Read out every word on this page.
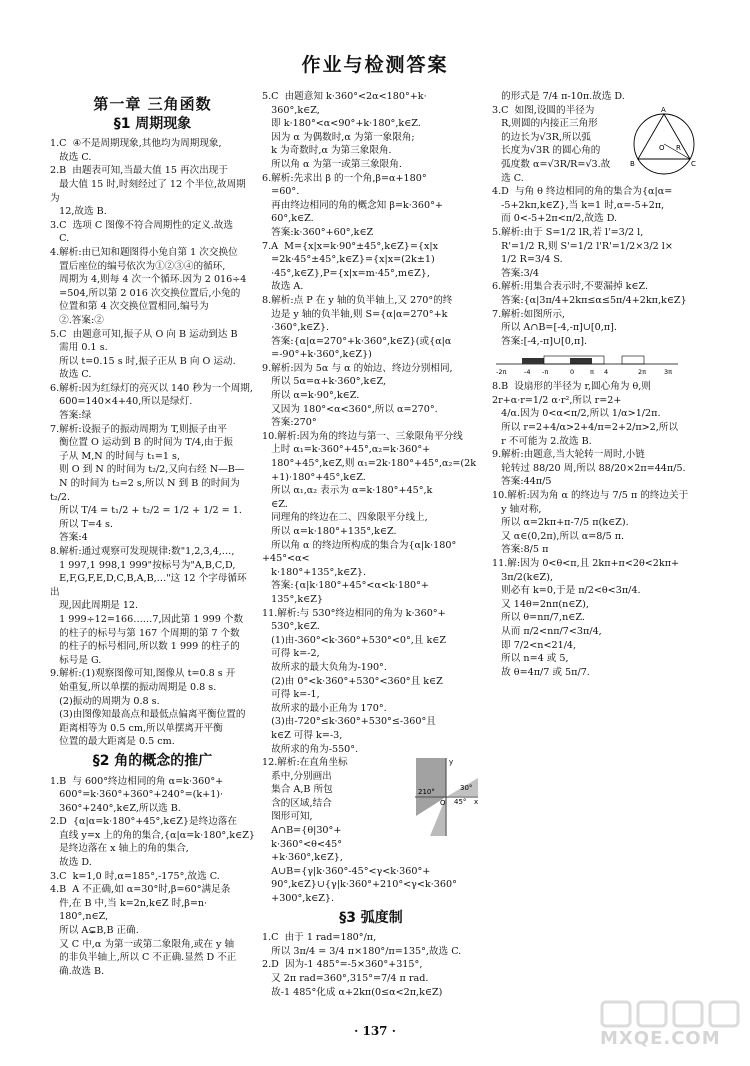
作业与检测答案
第一章 三角函数
§1 周期现象

1.C  ④不是周期现象,其他均为周期现象,
故选 C.

2.B  由题表可知,当最大值 15 再次出现于
最大值 15 时,时刻经过了 12 个半位,故周期为
12,故选 B.

3.C  选项 C 图像不符合周期性的定义.故选
C.

4.解析:由已知和题图得小兔自第 1 次交换位
置后座位的编号依次为①②③④的循环,
周期为 4,则每 4 次一个循环.因为 2 016÷4
=504,所以第 2 016 次交换位置后,小兔的
位置和第 4 次交换位置相同,编号为
②.答案:②

5.C  由题意可知,振子从 O 向 B 运动到达 B
需用 0.1 s.
所以 t=0.15 s 时,振子正从 B 向 O 运动.
故选 C.

6.解析:因为红绿灯的亮灭以 140 秒为一个周期,
600=140×4+40,所以是绿灯.
答案:绿

7.解析:设振子的振动周期为 T,则振子由平
衡位置 O 运动到 B 的时间为 T/4,由于振
子从 M,N 的时间与 t₁=1 s,
则 O 到 N 的时间为 t₂/2,又向右经 N—B—
N 的时间为 t₂=2 s,所以 N 到 B 的时间为 t₂/2.
所以 T/4 = t₁/2 + t₂/2 = 1/2 + 1/2 = 1.
所以 T=4 s.
答案:4

8.解析:通过观察可发现规律:数"1,2,3,4,…,
1 997,1 998,1 999"按标号为"A,B,C,D,
E,F,G,F,E,D,C,B,A,B,…"这 12 个字母循环出
现,因此周期是 12.
1 999÷12=166……7,因此第 1 999 个数
的柱子的标号与第 167 个周期的第 7 个数
的柱子的标号相同,所以数 1 999 的柱子的
标号是 G.

9.解析:(1)观察图像可知,图像从 t=0.8 s 开
始重复,所以单摆的振动周期是 0.8 s.
(2)振动的周期为 0.8 s.
(3)由图像知最高点和最低点偏离平衡位置的
距离相等为 0.5 cm,所以单摆离开平衡
位置的最大距离是 0.5 cm.

§2 角的概念的推广

1.B  与 600°终边相同的角 α=k·360°+
600°=k·360°+360°+240°=(k+1)·
360°+240°,k∈Z,所以选 B.

2.D  {α|α=k·180°+45°,k∈Z}是终边落在
直线 y=x 上的角的集合,{α|α=k·180°,k∈Z}
是终边落在 x 轴上的角的集合,
故选 D.

3.C  k=1,0 时,α=185°,-175°,故选 C.

4.B  A 不正确,如 α=30°时,β=60°满足条
件,在 B 中,当 k=2n,k∈Z 时,β=n·
180°,n∈Z,
所以 A⊊B,B 正确.
又 C 中,α 为第一或第二象限角,或在 y 轴
的非负半轴上,所以 C 不正确.显然 D 不正
确.故选 B.

5.C  由题意知 k·360°<2α<180°+k·
360°,k∈Z,
即 k·180°<α<90°+k·180°,k∈Z.
因为 α 为偶数时,α 为第一象限角;
k 为奇数时,α 为第三象限角.
所以角 α 为第一或第三象限角.

6.解析:先求出 β 的一个角,β=α+180°
=60°.
再由终边相同的角的概念知 β=k·360°+
60°,k∈Z.
答案:k·360°+60°,k∈Z

7.A  M={x|x=k·90°±45°,k∈Z}={x|x
=2k·45°±45°,k∈Z}={x|x=(2k±1)
·45°,k∈Z},P={x|x=m·45°,m∈Z},
故选 A.

8.解析:点 P 在 y 轴的负半轴上,又 270°的终
边是 y 轴的负半轴,则 S={α|α=270°+k
·360°,k∈Z}.
答案:{α|α=270°+k·360°,k∈Z}(或{α|α
=-90°+k·360°,k∈Z})

9.解析:因为 5α 与 α 的始边、终边分别相同,
所以 5α=α+k·360°,k∈Z,
所以 α=k·90°,k∈Z.
又因为 180°<α<360°,所以 α=270°.
答案:270°

10.解析:因为角的终边与第一、三象限角平分线
上时 α₁=k·360°+45°,α₂=k·360°+
180°+45°,k∈Z,则 α₁=2k·180°+45°,α₂=(2k
+1)·180°+45°,k∈Z.
所以 α₁,α₂ 表示为 α=k·180°+45°,k
∈Z.
同理角的终边在二、四象限平分线上,
所以 α=k·180°+135°,k∈Z.
所以角 α 的终边所构成的集合为{α|k·180°+45°<α<
k·180°+135°,k∈Z}.
答案:{α|k·180°+45°<α<k·180°+
135°,k∈Z}

11.解析:与 530°终边相同的角为 k·360°+
530°,k∈Z.
(1)由-360°<k·360°+530°<0°,且 k∈Z
可得 k=-2,
故所求的最大负角为-190°.
(2)由 0°<k·360°+530°<360°且 k∈Z
可得 k=-1,
故所求的最小正角为 170°.
(3)由-720°≤k·360°+530°≤-360°且
k∈Z 可得 k=-3,
故所求的角为-550°.

210°	30°
45° x
y
O

12.解析:在直角坐标
系中,分别画出
集合 A,B 所包
含的区域,结合
图形可知,
A∩B={θ|30°+
k·360°<θ<45°
+k·360°,k∈Z},
A∪B={γ|k·360°-45°<γ<k·360°+
90°,k∈Z}∪{γ|k·360°+210°<γ<k·360°
+300°,k∈Z}.

§3 弧度制

1.C  由于 1 rad=180°/π,
所以 3π/4 = 3/4 π×180°/π=135°,故选 C.

2.D  因为-1 485°=-5×360°+315°,
又 2π rad=360°,315°=7/4 π rad.
故-1 485°化成 α+2kπ(0≤α<2π,k∈Z)

的形式是 7/4 π-10π.故选 D.

A
B	C
O R

3.C  如图,设圆的半径为
R,则圆的内接正三角形
的边长为√3R,所以弧
长度为√3R 的圆心角的
弧度数 α=√3R/R=√3.故
选 C.

4.D  与角 θ 终边相同的角的集合为{α|α=
-5+2kπ,k∈Z},当 k=1 时,α=-5+2π,
而 0<-5+2π<π/2,故选 D.

5.解析:由于 S=1/2 lR,若 l'=3/2 l,
R'=1/2 R,则 S'=1/2 l'R'=1/2×3/2 l×
1/2 R=3/4 S.
答案:3/4

6.解析:用集合表示时,不要漏掉 k∈Z.
答案:{α|3π/4+2kπ≤α≤5π/4+2kπ,k∈Z}

7.解析:如图所示,
所以 A∩B=[-4,-π]∪[0,π].
答案:[-4,-π]∪[0,π].

-2π	-4 -π	0 π 4	2π	3π

8.B  设扇形的半径为 r,圆心角为 θ,则 2r+α·r=1/2 α·r²,所以 r=2+
4/α.因为 0<α<π/2,所以 1/α>1/2π.
所以 r=2+4/α>2+4/π=2+2/π>2,所以
r 不可能为 2.故选 B.

9.解析:由题意,当大轮转一周时,小链
轮转过 88/20 周,所以 88/20×2π=44π/5.
答案:44π/5

10.解析:因为角 α 的终边与 7/5 π 的终边关于
y 轴对称,
所以 α=2kπ+π-7/5 π(k∈Z).
又 α∈(0,2π),所以 α=8/5 π.
答案:8/5 π

11.解:因为 0<θ<π,且 2kπ+π<2θ<2kπ+
3π/2(k∈Z),
则必有 k=0,于是 π/2<θ<3π/4.
又 14θ=2nπ(n∈Z),
所以 θ=nπ/7,n∈Z.
从而 π/2<nπ/7<3π/4,
即 7/2<n<21/4,
所以 n=4 或 5,
故 θ=4π/7 或 5π/7.

· 137 ·	MXQE.COM
